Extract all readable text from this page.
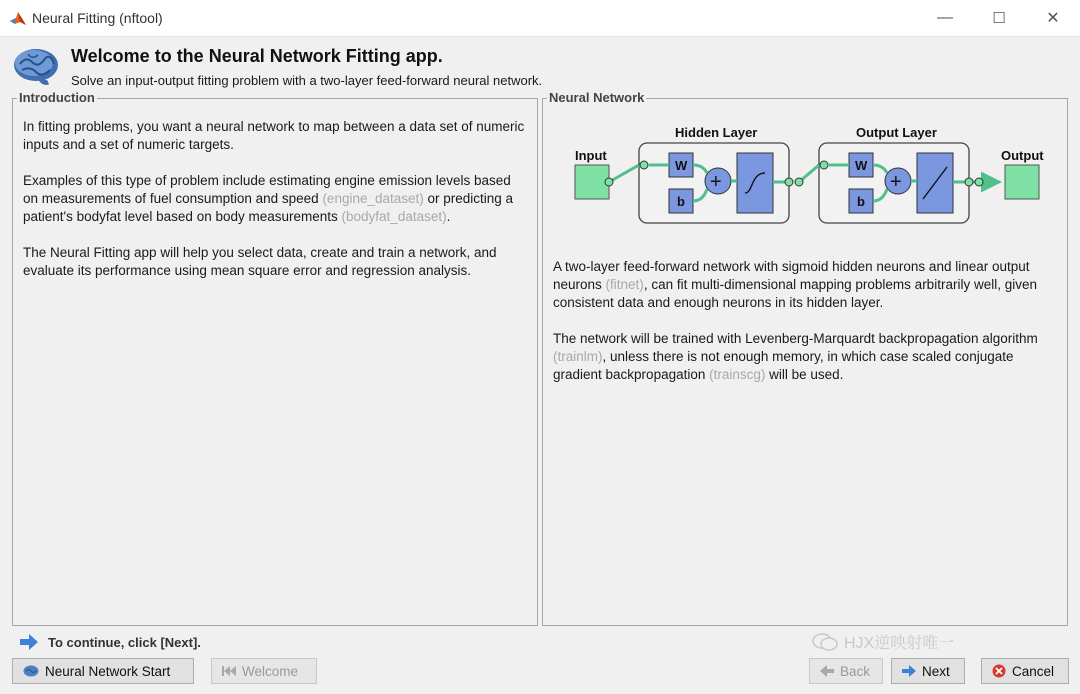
Neural Fitting (nftool)	—	☐	✕
Welcome to the Neural Network Fitting app.
Solve an input-output fitting problem with a two-layer feed-forward neural network.
Introduction

In fitting problems, you want a neural network to map between a data set of numeric inputs and a set of numeric targets.

Examples of this type of problem include estimating engine emission levels based on measurements of fuel consumption and speed (engine_dataset) or predicting a patient's bodyfat level based on body measurements (bodyfat_dataset).

The Neural Fitting app will help you select data, create and train a network, and evaluate its performance using mean square error and regression analysis.

Neural Network
Input
Hidden Layer	Output Layer
Output
W
b
+
W
b
+

A two-layer feed-forward network with sigmoid hidden neurons and linear output neurons (fitnet), can fit multi-dimensional mapping problems arbitrarily well, given consistent data and enough neurons in its hidden layer.

The network will be trained with Levenberg-Marquardt backpropagation algorithm (trainlm), unless there is not enough memory, in which case scaled conjugate gradient backpropagation (trainscg) will be used.

To continue, click [Next].	HJX逆映射唯一
Neural Network Start	Welcome	Back	Next	Cancel
